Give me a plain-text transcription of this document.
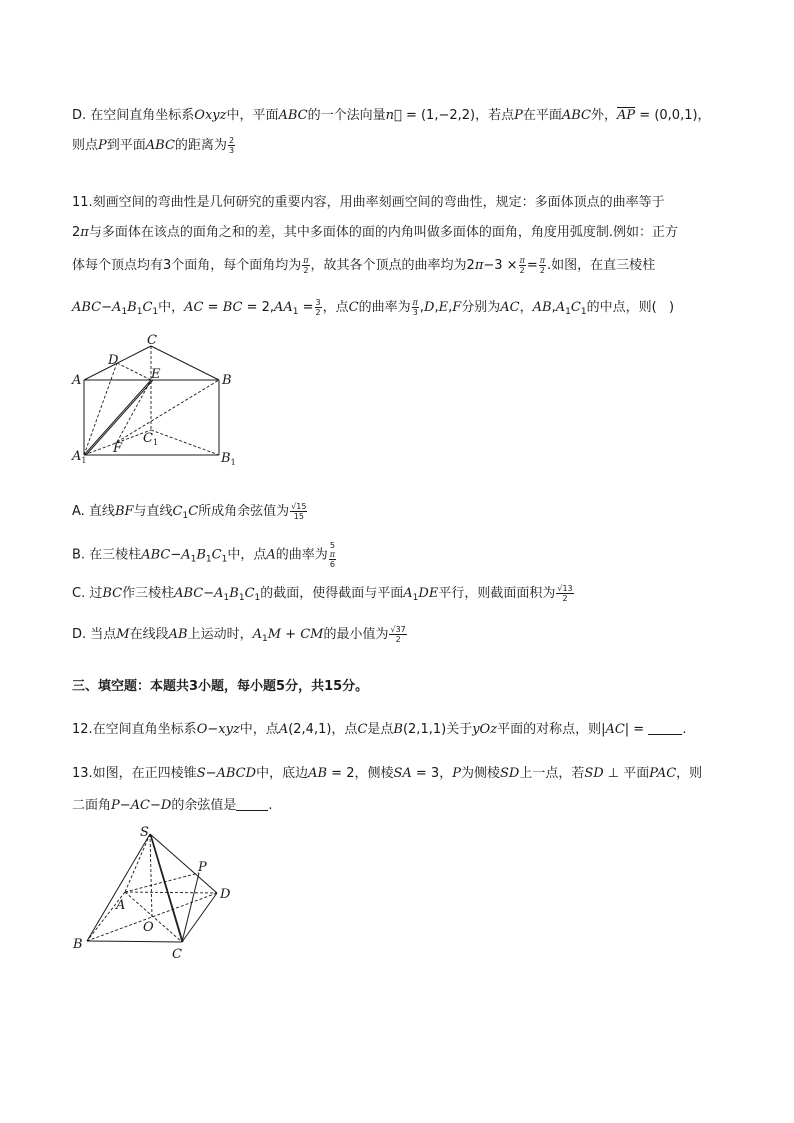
D. 在空间直角坐标系Oxyz中，平面ABC的一个法向量n⃗ = (1,−2,2)，若点P在平面ABC外，$\overline{AP} = (0,0,1)$，
则点P到平面ABC的距离为 $\frac{2}{3}$
11.刻画空间的弯曲性是几何研究的重要内容，用曲率刻画空间的弯曲性，规定：多面体顶点的曲率等于
2π与多面体在该点的面角之和的差，其中多面体的面的内角叫做多面体的面角，角度用弧度制.例如：正方
体每个顶点均有3个面角，每个面角均为 $\frac{\pi}{2}$ ，故其各个顶点的曲率均为$2\pi-3 \times \frac{\pi}{2} = \frac{\pi}{2}$ .如图，在直三棱柱
$ABC-A_1B_1C_1$中，AC = BC = $2,AA_1 = \frac{3}{2}$ ，点C的曲率为 $\frac{\pi}{3} ,D,E,F$分别为AC，$AB,A_1C_1$的中点，则(   )
D
C
A	E	B
$C_1$
F
$A_1$	$B_1$
A. 直线BF与直线$C_1C$所成角余弦值为 $\frac{√15}{15}$
B. 在三棱柱$ABC-A_1B_1C_1$中，点A的曲率为 5
π
6
C. 过BC作三棱柱$ABC-A_1B_1C_1$的截面，使得截面与平面$A_1DE$平行，则截面面积为 $\frac{√13}{2}$
D. 当点M在线段AB上运动时，$A_1M$ + CM的最小值为 $\frac{√37}{2}$
三、填空题：本题共3小题，每小题5分，共15分。
12.在空间直角坐标系O−xyz中，点A(2,4,1)，点C是点B(2,1,1)关于yOz平面的对称点，则|AC| =	.
13.如图，在正四棱锥S−ABCD中，底边AB = 2，侧棱SA = 3，P为侧棱SD上一点，若SD ⊥ 平面PAC，则
二面角P−AC−D的余弦值是 .
S
P
D
A
O
B
C
